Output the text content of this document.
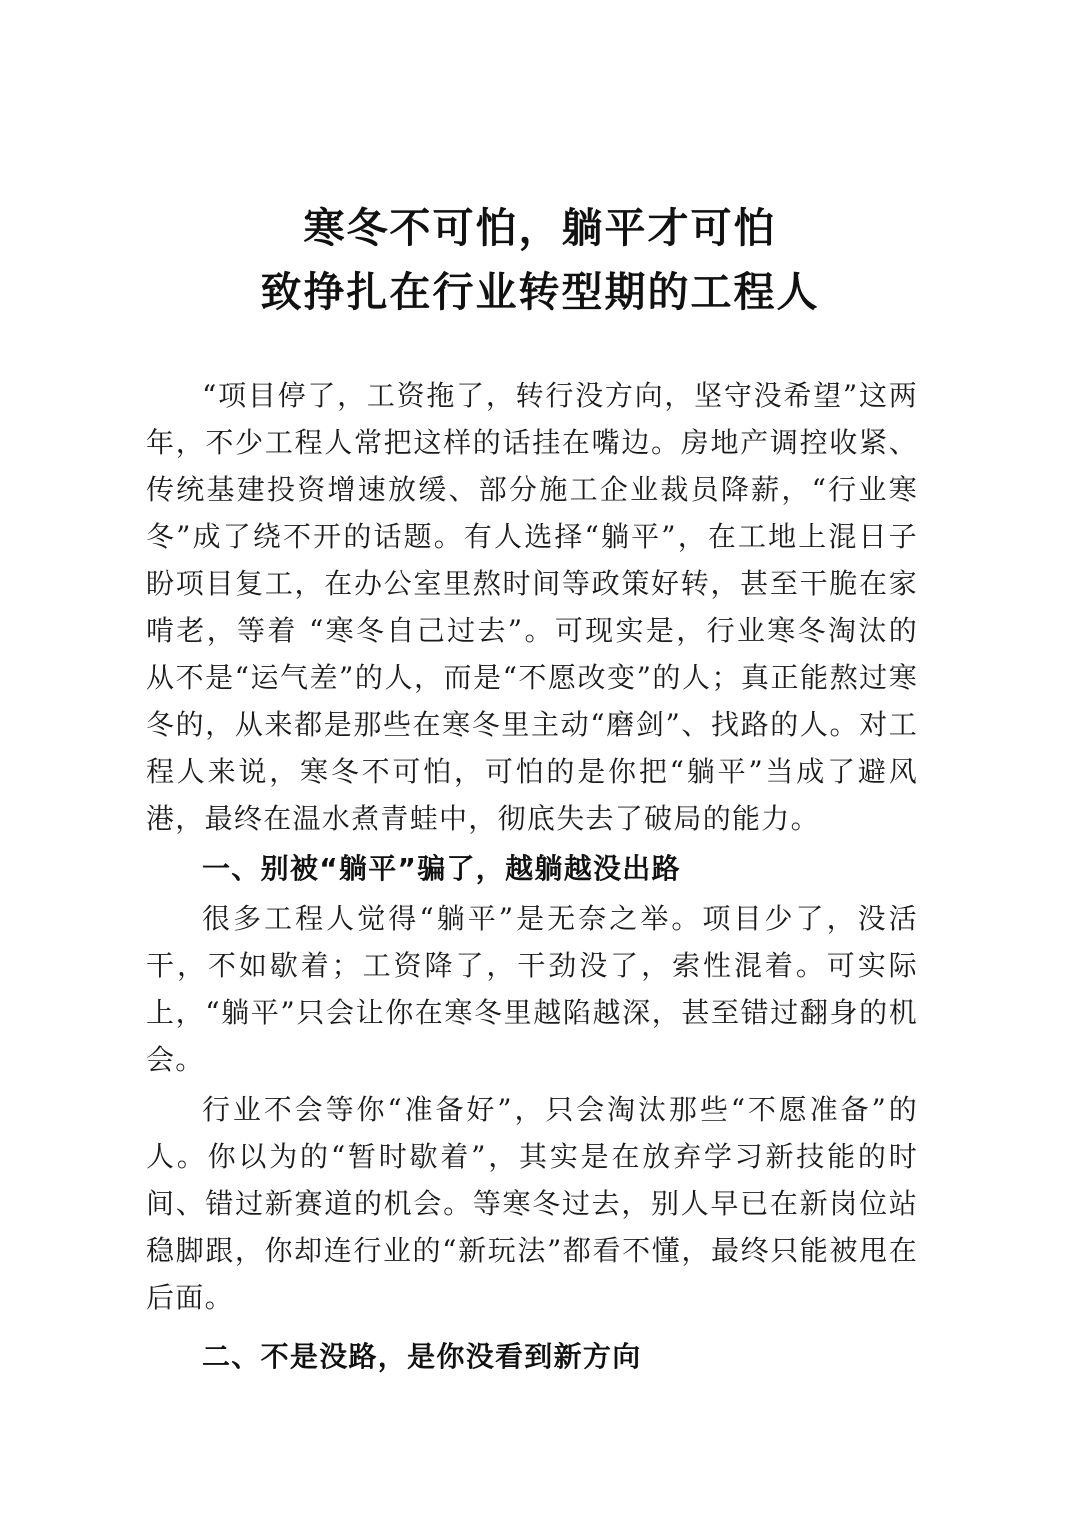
寒冬不可怕，躺平才可怕
致挣扎在行业转型期的工程人

“项目停了，工资拖了，转行没方向，坚守没希望”这两年，不少工程人常把这样的话挂在嘴边。房地产调控收紧、传统基建投资增速放缓、部分施工企业裁员降薪，“行业寒冬”成了绕不开的话题。有人选择“躺平”，在工地上混日子盼项目复工，在办公室里熬时间等政策好转，甚至干脆在家啃老，等着 “寒冬自己过去”。可现实是，行业寒冬淘汰的从不是“运气差”的人，而是“不愿改变”的人；真正能熬过寒冬的，从来都是那些在寒冬里主动“磨剑”、找路的人。对工程人来说，寒冬不可怕，可怕的是你把“躺平”当成了避风港，最终在温水煮青蛙中，彻底失去了破局的能力。

一、别被“躺平”骗了，越躺越没出路

很多工程人觉得“躺平”是无奈之举。项目少了，没活干，不如歇着；工资降了，干劲没了，索性混着。可实际上，“躺平”只会让你在寒冬里越陷越深，甚至错过翻身的机会。

行业不会等你“准备好”，只会淘汰那些“不愿准备”的人。你以为的“暂时歇着”，其实是在放弃学习新技能的时间、错过新赛道的机会。等寒冬过去，别人早已在新岗位站稳脚跟，你却连行业的“新玩法”都看不懂，最终只能被甩在后面。

二、不是没路，是你没看到新方向
